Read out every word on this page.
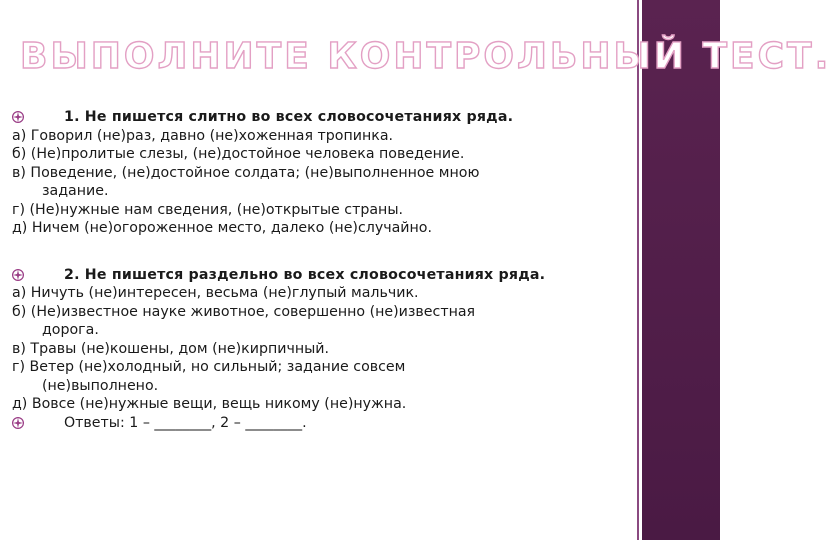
ВЫПОЛНИТЕ КОНТРОЛЬНЫЙ ТЕСТ.
1. Не пишется слитно во всех словосочетаниях ряда.
а) Говорил (не)раз, давно (не)хоженная тропинка.
б) (Не)пролитые слезы, (не)достойное человека поведение.
в) Поведение, (не)достойное солдата; (не)выполненное мною
задание.
г) (Не)нужные нам сведения, (не)открытые страны.
д) Ничем (не)огороженное место, далеко (не)случайно.
2. Не пишется раздельно во всех словосочетаниях ряда.
а) Ничуть (не)интересен, весьма (не)глупый мальчик.
б) (Не)известное науке животное, совершенно (не)известная
дорога.
в) Травы (не)кошены, дом (не)кирпичный.
г) Ветер (не)холодный, но сильный; задание совсем
(не)выполнено.
д) Вовсе (не)нужные вещи, вещь никому (не)нужна.
Ответы: 1 – ________, 2 – ________.
